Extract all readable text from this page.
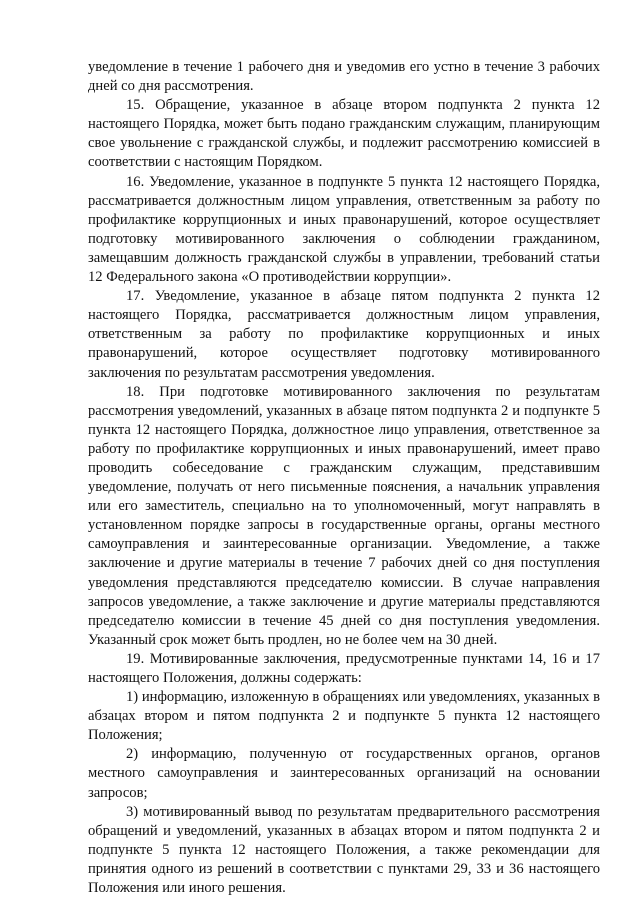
уведомление в течение 1 рабочего дня и уведомив его устно в течение 3 рабочих дней со дня рассмотрения.

15. Обращение, указанное в абзаце втором подпункта 2 пункта 12 настоящего Порядка, может быть подано гражданским служащим, планирующим свое увольнение с гражданской службы, и подлежит рассмотрению комиссией в соответствии с настоящим Порядком.

16. Уведомление, указанное в подпункте 5 пункта 12 настоящего Порядка, рассматривается должностным лицом управления, ответственным за работу по профилактике коррупционных и иных правонарушений, которое осуществляет подготовку мотивированного заключения о соблюдении гражданином, замещавшим должность гражданской службы в управлении, требований статьи 12 Федерального закона «О противодействии коррупции».

17. Уведомление, указанное в абзаце пятом подпункта 2 пункта 12 настоящего Порядка, рассматривается должностным лицом управления, ответственным за работу по профилактике коррупционных и иных правонарушений, которое осуществляет подготовку мотивированного заключения по результатам рассмотрения уведомления.

18. При подготовке мотивированного заключения по результатам рассмотрения уведомлений, указанных в абзаце пятом подпункта 2 и подпункте 5 пункта 12 настоящего Порядка, должностное лицо управления, ответственное за работу по профилактике коррупционных и иных правонарушений, имеет право проводить собеседование с гражданским служащим, представившим уведомление, получать от него письменные пояснения, а начальник управления или его заместитель, специально на то уполномоченный, могут направлять в установленном порядке запросы в государственные органы, органы местного самоуправления и заинтересованные организации. Уведомление, а также заключение и другие материалы в течение 7 рабочих дней со дня поступления уведомления представляются председателю комиссии. В случае направления запросов уведомление, а также заключение и другие материалы представляются председателю комиссии в течение 45 дней со дня поступления уведомления. Указанный срок может быть продлен, но не более чем на 30 дней.

19. Мотивированные заключения, предусмотренные пунктами 14, 16 и 17 настоящего Положения, должны содержать:

1) информацию, изложенную в обращениях или уведомлениях, указанных в абзацах втором и пятом подпункта 2 и подпункте 5 пункта 12 настоящего Положения;

2) информацию, полученную от государственных органов, органов местного самоуправления и заинтересованных организаций на основании запросов;

3) мотивированный вывод по результатам предварительного рассмотрения обращений и уведомлений, указанных в абзацах втором и пятом подпункта 2 и подпункте 5 пункта 12 настоящего Положения, а также рекомендации для принятия одного из решений в соответствии с пунктами 29, 33 и 36 настоящего Положения или иного решения.
